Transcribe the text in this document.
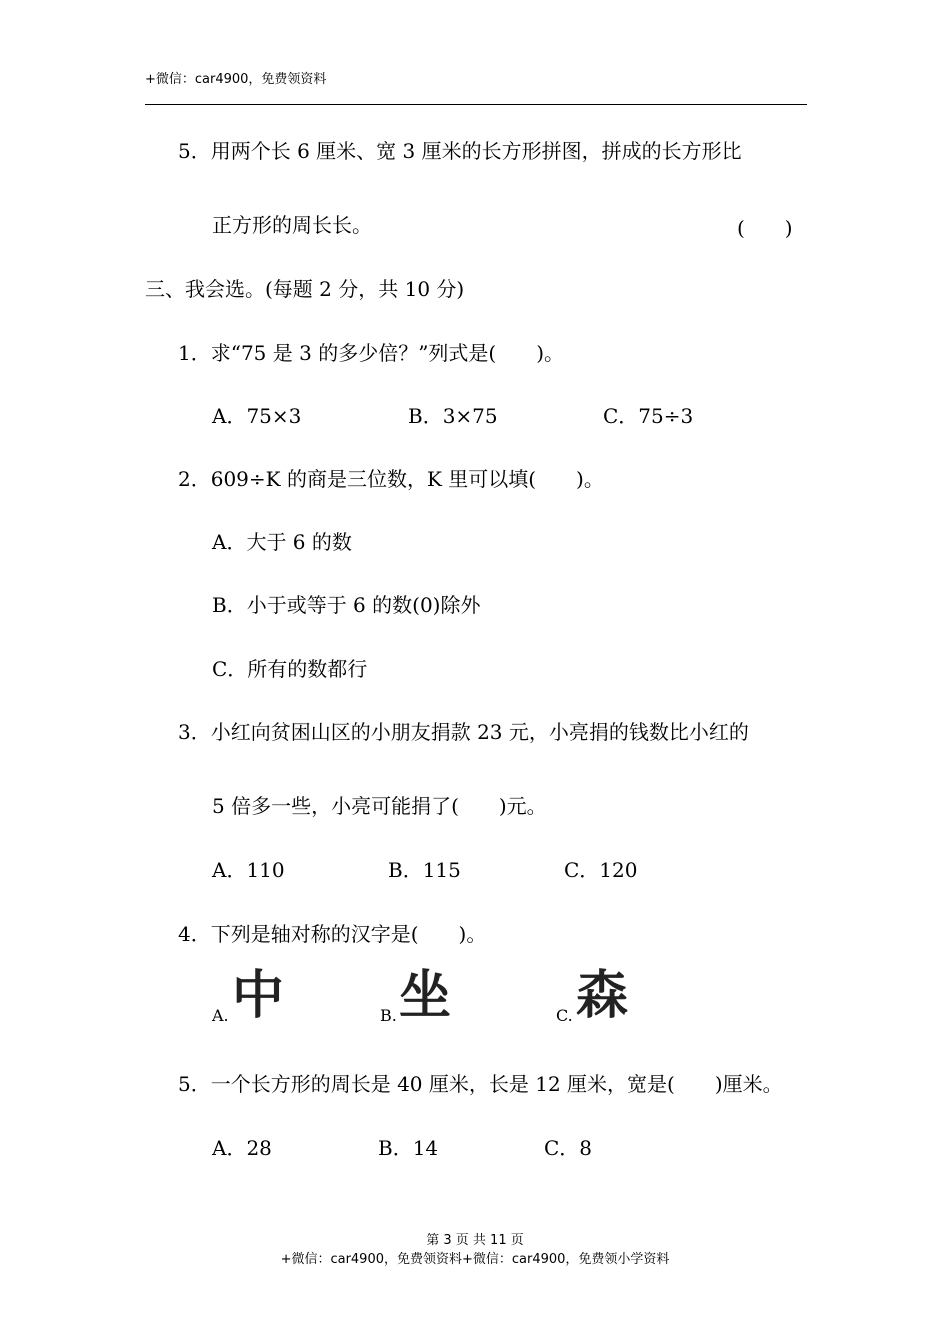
+微信：car4900，免费领资料
5．用两个长 6 厘米、宽 3 厘米的长方形拼图，拼成的长方形比
正方形的周长长。	(　　)
三、我会选。(每题 2 分，共 10 分)
1．求“75 是 3 的多少倍？”列式是(　　)。
A．75×3	B．3×75	C．75÷3
2．609÷K 的商是三位数，K 里可以填(　　)。
A．大于 6 的数
B．小于或等于 6 的数(0)除外
C．所有的数都行
3．小红向贫困山区的小朋友捐款 23 元，小亮捐的钱数比小红的
5 倍多一些，小亮可能捐了(　　)元。
A．110	B．115	C．120
4．下列是轴对称的汉字是(　　)。
A. 中	B. 坐	C. 森
5．一个长方形的周长是 40 厘米，长是 12 厘米，宽是(　　)厘米。
A．28	B．14	C．8
第 3 页 共 11 页
+微信：car4900，免费领资料+微信：car4900，免费领小学资料
